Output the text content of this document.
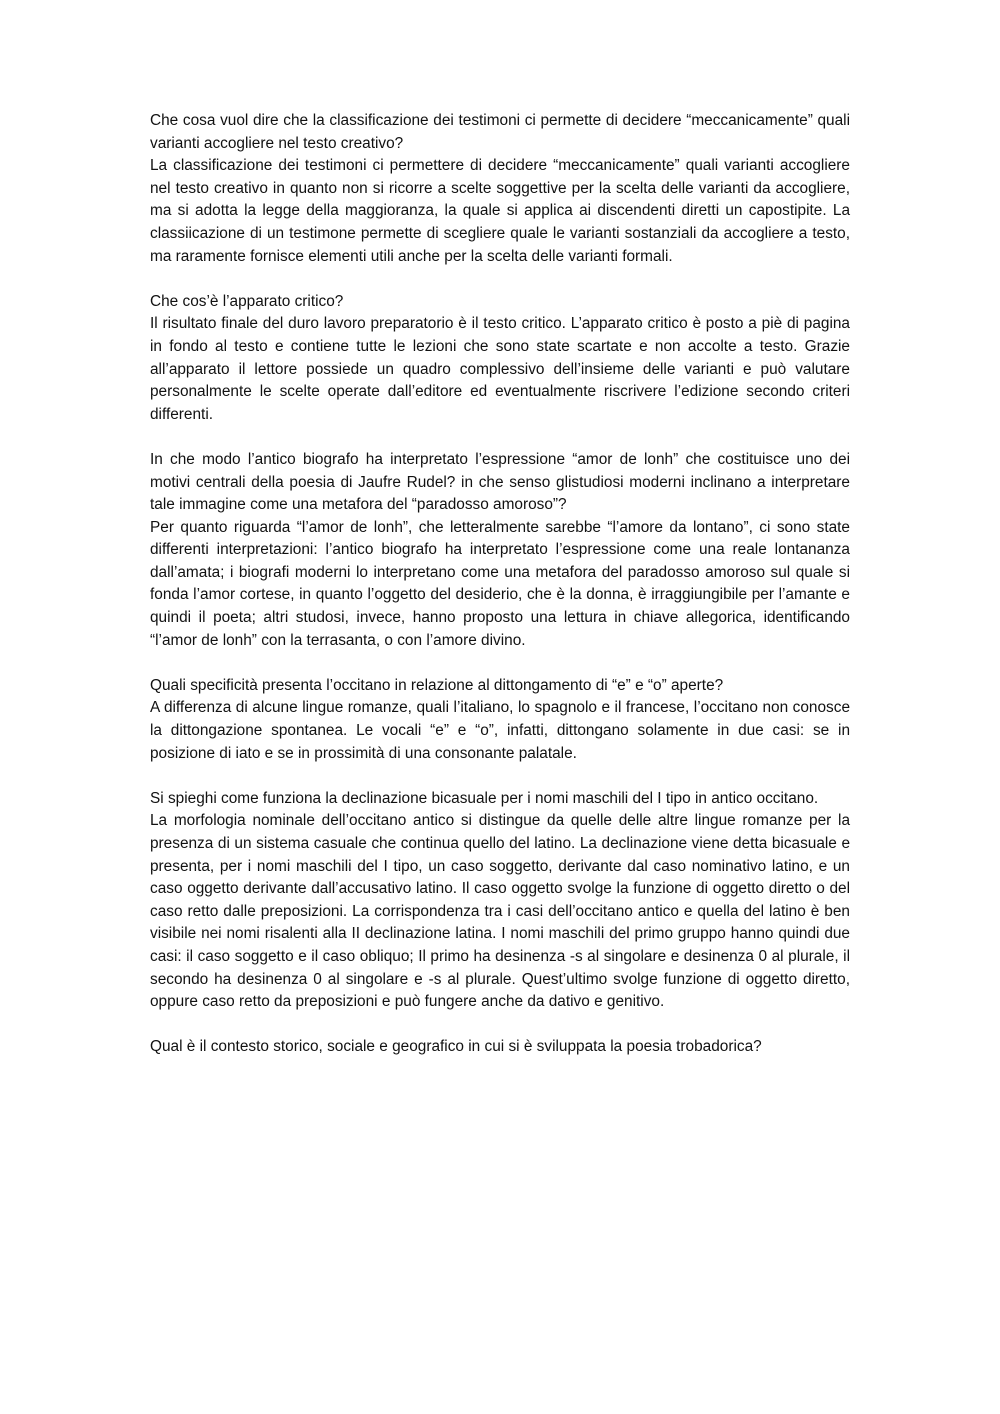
Che cosa vuol dire che la classificazione dei testimoni ci permette di decidere “meccanicamente” quali varianti accogliere nel testo creativo?

La classificazione dei testimoni ci permettere di decidere “meccanicamente” quali varianti accogliere nel testo creativo in quanto non si ricorre a scelte soggettive per la scelta delle varianti da accogliere, ma si adotta la legge della maggioranza, la quale si applica ai discendenti diretti un capostipite. La classiicazione di un testimone permette di scegliere quale le varianti sostanziali da accogliere a testo, ma raramente fornisce elementi utili anche per la scelta delle varianti formali.

Che cos’è l’apparato critico?

Il risultato finale del duro lavoro preparatorio è il testo critico. L’apparato critico è posto a piè di pagina in fondo al testo e contiene tutte le lezioni che sono state scartate e non accolte a testo. Grazie all’apparato il lettore possiede un quadro complessivo dell’insieme delle varianti e può valutare personalmente le scelte operate dall’editore ed eventualmente riscrivere l’edizione secondo criteri differenti.

In che modo l’antico biografo ha interpretato l’espressione “amor de lonh” che costituisce uno dei motivi centrali della poesia di Jaufre Rudel? in che senso glistudiosi moderni inclinano a interpretare tale immagine come una metafora del “paradosso amoroso”?

Per quanto riguarda “l’amor de lonh”, che letteralmente sarebbe “l’amore da lontano”, ci sono state differenti interpretazioni: l’antico biografo ha interpretato l’espressione come una reale lontananza dall’amata; i biografi moderni lo interpretano come una metafora del paradosso amoroso sul quale si fonda l’amor cortese, in quanto l’oggetto del desiderio, che è la donna, è irraggiungibile per l’amante e quindi il poeta; altri studosi, invece, hanno proposto una lettura in chiave allegorica, identificando “l’amor de lonh” con la terrasanta, o con l’amore divino.

Quali specificità presenta l’occitano in relazione al dittongamento di “e” e “o” aperte?

A differenza di alcune lingue romanze, quali l’italiano, lo spagnolo e il francese, l’occitano non conosce la dittongazione spontanea. Le vocali “e” e “o”, infatti, dittongano solamente in due casi: se in posizione di iato e se in prossimità di una consonante palatale.

Si spieghi come funziona la declinazione bicasuale per i nomi maschili del I tipo in antico occitano.

La morfologia nominale dell’occitano antico si distingue da quelle delle altre lingue romanze per la presenza di un sistema casuale che continua quello del latino. La declinazione viene detta bicasuale e presenta, per i nomi maschili del I tipo, un caso soggetto, derivante dal caso nominativo latino, e un caso oggetto derivante dall’accusativo latino. Il caso oggetto svolge la funzione di oggetto diretto o del caso retto dalle preposizioni. La corrispondenza tra i casi dell’occitano antico e quella del latino è ben visibile nei nomi risalenti alla II declinazione latina. I nomi maschili del primo gruppo hanno quindi due casi: il caso soggetto e il caso obliquo; Il primo ha desinenza -s al singolare e desinenza 0 al plurale, il secondo ha desinenza 0 al singolare e -s al plurale. Quest’ultimo svolge funzione di oggetto diretto, oppure caso retto da preposizioni e può fungere anche da dativo e genitivo.

Qual è il contesto storico, sociale e geografico in cui si è sviluppata la poesia trobadorica?
